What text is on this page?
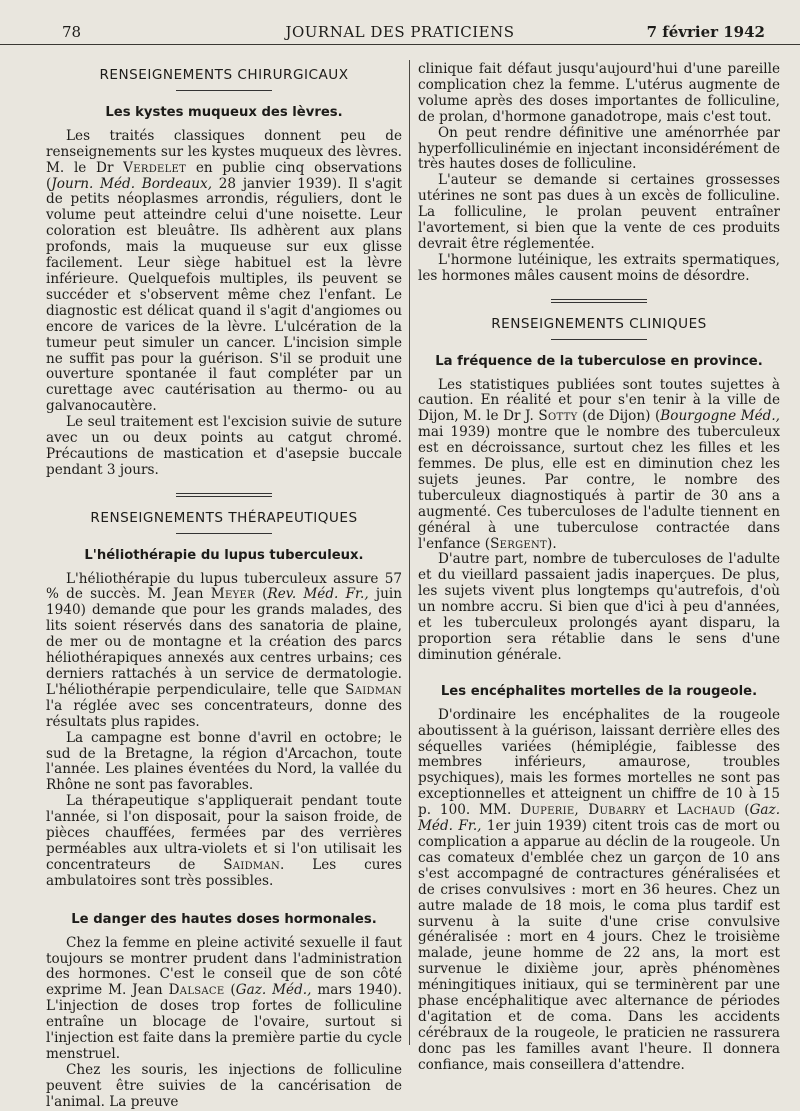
78	JOURNAL DES PRATICIENS	7 février 1942
RENSEIGNEMENTS CHIRURGICAUX
Les kystes muqueux des lèvres.

Les traités classiques donnent peu de renseignements sur les kystes muqueux des lèvres. M. le Dr Verdelet en publie cinq observations (Journ. Méd. Bordeaux, 28 janvier 1939). Il s'agit de petits néoplasmes arrondis, réguliers, dont le volume peut atteindre celui d'une noisette. Leur coloration est bleuâtre. Ils adhèrent aux plans profonds, mais la muqueuse sur eux glisse facilement. Leur siège habituel est la lèvre inférieure. Quelquefois multiples, ils peuvent se succéder et s'observent même chez l'enfant. Le diagnostic est délicat quand il s'agit d'angiomes ou encore de varices de la lèvre. L'ulcération de la tumeur peut simuler un cancer. L'incision simple ne suffit pas pour la guérison. S'il se produit une ouverture spontanée il faut compléter par un curettage avec cautérisation au thermo- ou au galvanocautère.

Le seul traitement est l'excision suivie de suture avec un ou deux points au catgut chromé. Précautions de mastication et d'asepsie buccale pendant 3 jours.

RENSEIGNEMENTS THÉRAPEUTIQUES
L'héliothérapie du lupus tuberculeux.

L'héliothérapie du lupus tuberculeux assure 57 % de succès. M. Jean Meyer (Rev. Méd. Fr., juin 1940) demande que pour les grands malades, des lits soient réservés dans des sanatoria de plaine, de mer ou de montagne et la création des parcs héliothérapiques annexés aux centres urbains; ces derniers rattachés à un service de dermatologie. L'héliothérapie perpendiculaire, telle que Saidman l'a réglée avec ses concentrateurs, donne des résultats plus rapides.

La campagne est bonne d'avril en octobre; le sud de la Bretagne, la région d'Arcachon, toute l'année. Les plaines éventées du Nord, la vallée du Rhône ne sont pas favorables.

La thérapeutique s'appliquerait pendant toute l'année, si l'on disposait, pour la saison froide, de pièces chauffées, fermées par des verrières perméables aux ultra-violets et si l'on utilisait les concentrateurs de Saidman. Les cures ambulatoires sont très possibles.

Le danger des hautes doses hormonales.

Chez la femme en pleine activité sexuelle il faut toujours se montrer prudent dans l'administration des hormones. C'est le conseil que de son côté exprime M. Jean Dalsace (Gaz. Méd., mars 1940). L'injection de doses trop fortes de folliculine entraîne un blocage de l'ovaire, surtout si l'injection est faite dans la première partie du cycle menstruel.

Chez les souris, les injections de folliculine peuvent être suivies de la cancérisation de l'animal. La preuve

clinique fait défaut jusqu'aujourd'hui d'une pareille complication chez la femme. L'utérus augmente de volume après des doses importantes de folliculine, de prolan, d'hormone ganadotrope, mais c'est tout.

On peut rendre définitive une aménorrhée par hyperfolliculinémie en injectant inconsidérément de très hautes doses de folliculine.

L'auteur se demande si certaines grossesses utérines ne sont pas dues à un excès de folliculine. La folliculine, le prolan peuvent entraîner l'avortement, si bien que la vente de ces produits devrait être réglementée.

L'hormone lutéinique, les extraits spermatiques, les hormones mâles causent moins de désordre.

RENSEIGNEMENTS CLINIQUES
La fréquence de la tuberculose en province.

Les statistiques publiées sont toutes sujettes à caution. En réalité et pour s'en tenir à la ville de Dijon, M. le Dr J. Sotty (de Dijon) (Bourgogne Méd., mai 1939) montre que le nombre des tuberculeux est en décroissance, surtout chez les filles et les femmes. De plus, elle est en diminution chez les sujets jeunes. Par contre, le nombre des tuberculeux diagnostiqués à partir de 30 ans a augmenté. Ces tuberculoses de l'adulte tiennent en général à une tuberculose contractée dans l'enfance (Sergent).

D'autre part, nombre de tuberculoses de l'adulte et du vieillard passaient jadis inaperçues. De plus, les sujets vivent plus longtemps qu'autrefois, d'où un nombre accru. Si bien que d'ici à peu d'années, et les tuberculeux prolongés ayant disparu, la proportion sera rétablie dans le sens d'une diminution générale.

Les encéphalites mortelles de la rougeole.

D'ordinaire les encéphalites de la rougeole aboutissent à la guérison, laissant derrière elles des séquelles variées (hémiplégie, faiblesse des membres inférieurs, amaurose, troubles psychiques), mais les formes mortelles ne sont pas exceptionnelles et atteignent un chiffre de 10 à 15 p. 100. MM. Duperie, Dubarry et Lachaud (Gaz. Méd. Fr., 1er juin 1939) citent trois cas de mort ou complication a apparue au déclin de la rougeole. Un cas comateux d'emblée chez un garçon de 10 ans s'est accompagné de contractures généralisées et de crises convulsives : mort en 36 heures. Chez un autre malade de 18 mois, le coma plus tardif est survenu à la suite d'une crise convulsive généralisée : mort en 4 jours. Chez le troisième malade, jeune homme de 22 ans, la mort est survenue le dixième jour, après phénomènes méningitiques initiaux, qui se terminèrent par une phase encéphalitique avec alternance de périodes d'agitation et de coma. Dans les accidents cérébraux de la rougeole, le praticien ne rassurera donc pas les familles avant l'heure. Il donnera confiance, mais conseillera d'attendre.
